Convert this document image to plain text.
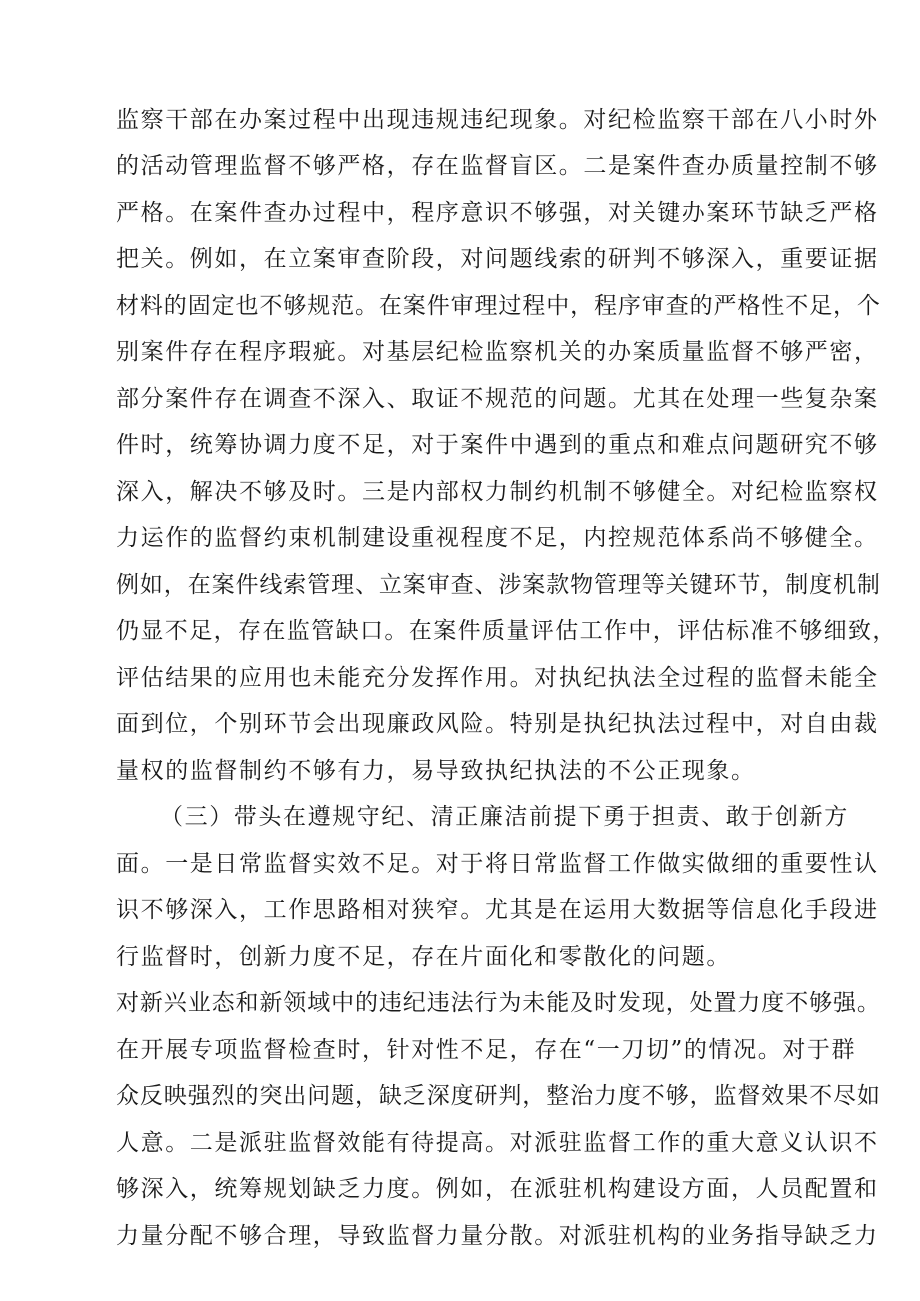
监察干部在办案过程中出现违规违纪现象。对纪检监察干部在八小时外

的活动管理监督不够严格，存在监督盲区。二是案件查办质量控制不够

严格。在案件查办过程中，程序意识不够强，对关键办案环节缺乏严格

把关。例如，在立案审查阶段，对问题线索的研判不够深入，重要证据

材料的固定也不够规范。在案件审理过程中，程序审查的严格性不足，个

别案件存在程序瑕疵。对基层纪检监察机关的办案质量监督不够严密，

部分案件存在调查不深入、取证不规范的问题。尤其在处理一些复杂案

件时，统筹协调力度不足，对于案件中遇到的重点和难点问题研究不够

深入，解决不够及时。三是内部权力制约机制不够健全。对纪检监察权

力运作的监督约束机制建设重视程度不足，内控规范体系尚不够健全。

例如，在案件线索管理、立案审查、涉案款物管理等关键环节，制度机制

仍显不足，存在监管缺口。在案件质量评估工作中，评估标准不够细致，

评估结果的应用也未能充分发挥作用。对执纪执法全过程的监督未能全

面到位，个别环节会出现廉政风险。特别是执纪执法过程中，对自由裁

量权的监督制约不够有力，易导致执纪执法的不公正现象。

（三）带头在遵规守纪、清正廉洁前提下勇于担责、敢于创新方

面。一是日常监督实效不足。对于将日常监督工作做实做细的重要性认

识不够深入，工作思路相对狭窄。尤其是在运用大数据等信息化手段进

行监督时，创新力度不足，存在片面化和零散化的问题。

对新兴业态和新领域中的违纪违法行为未能及时发现，处置力度不够强。

在开展专项监督检查时，针对性不足，存在“一刀切”的情况。对于群

众反映强烈的突出问题，缺乏深度研判，整治力度不够，监督效果不尽如

人意。二是派驻监督效能有待提高。对派驻监督工作的重大意义认识不

够深入，统筹规划缺乏力度。例如，在派驻机构建设方面，人员配置和

力量分配不够合理，导致监督力量分散。对派驻机构的业务指导缺乏力
